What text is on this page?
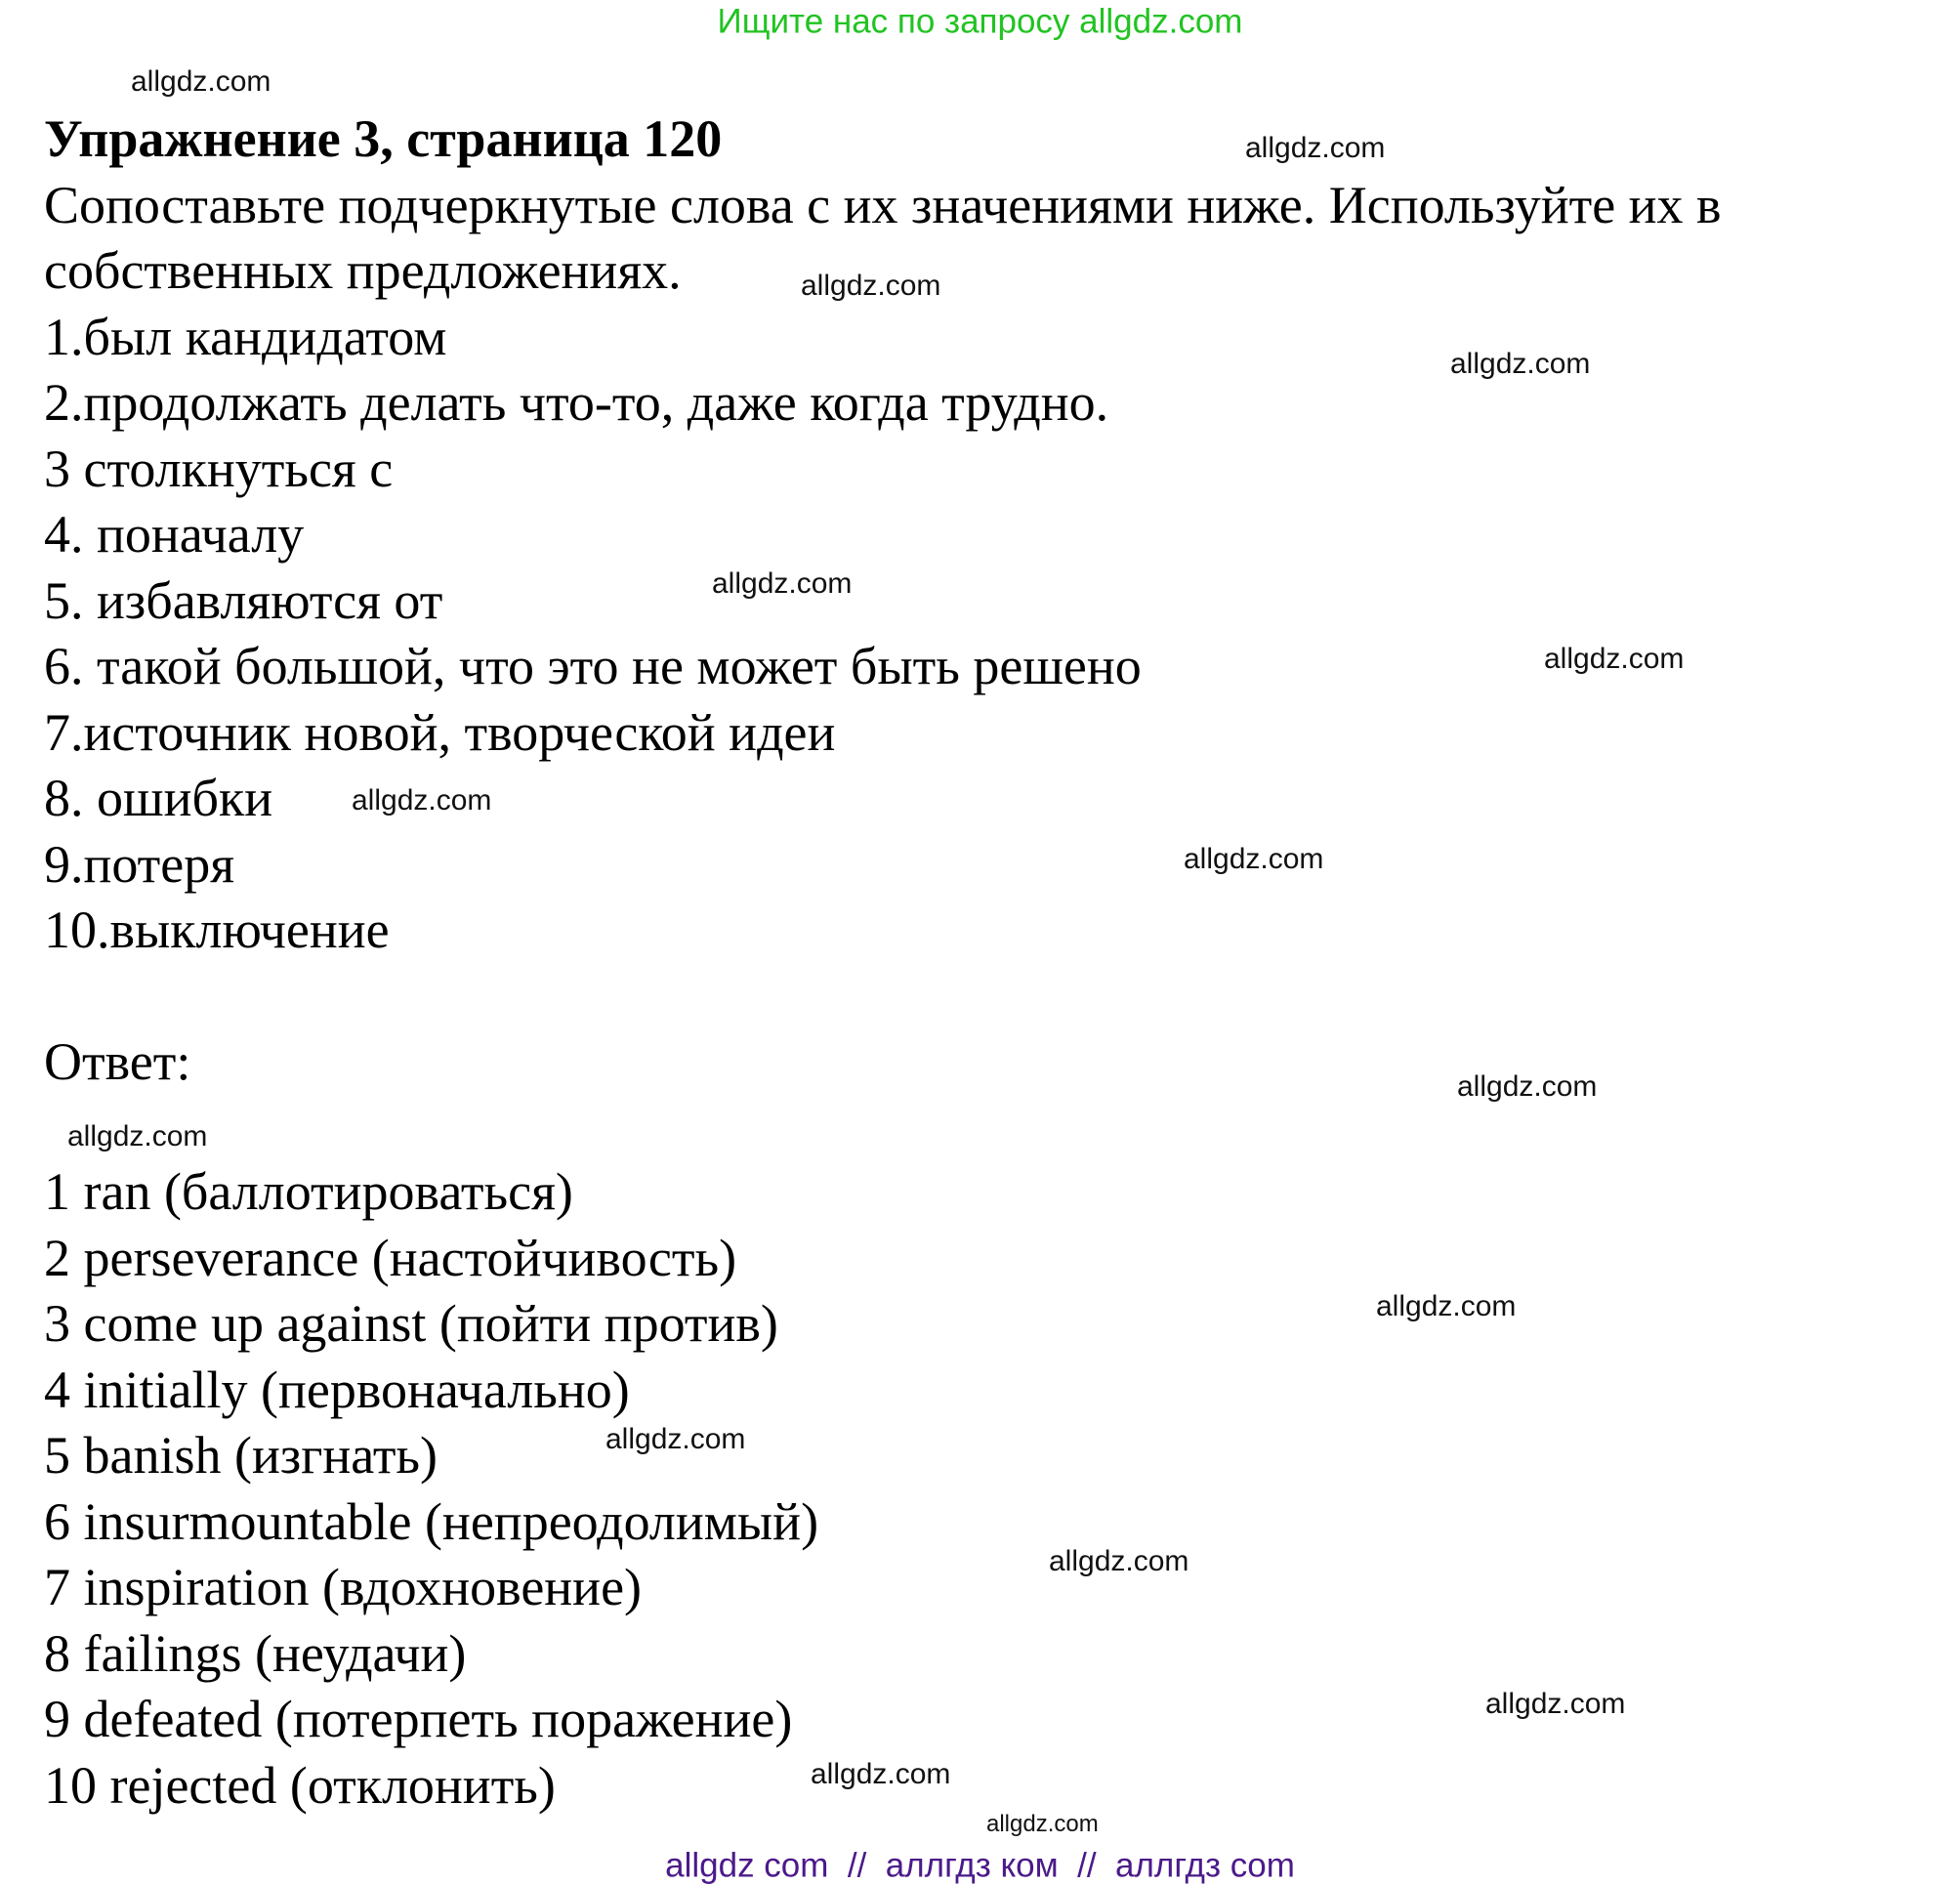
Ищите нас по запросу allgdz.com
Упражнение 3, страница 120
Сопоставьте подчеркнутые слова с их значениями ниже. Используйте их в
собственных предложениях.
1.был кандидатом
2.продолжать делать что-то, даже когда трудно.
3 столкнуться с
4. поначалу
5. избавляются от
6. такой большой, что это не может быть решено
7.источник новой, творческой идеи
8. ошибки
9.потеря
10.выключение
Ответ:
1 ran (баллотироваться)
2 perseverance (настойчивость)
3 come up against (пойти против)
4 initially (первоначально)
5 banish (изгнать)
6 insurmountable (непреодолимый)
7 inspiration (вдохновение)
8 failings (неудачи)
9 defeated (потерпеть поражение)
10 rejected (отклонить)
allgdz.com
allgdz.com
allgdz.com
allgdz.com
allgdz.com
allgdz.com
allgdz.com
allgdz.com
allgdz.com
allgdz.com
allgdz.com
allgdz.com
allgdz.com
allgdz.com
allgdz.com
allgdz.com
allgdz com  //  аллгдз ком  //  аллгдз com
